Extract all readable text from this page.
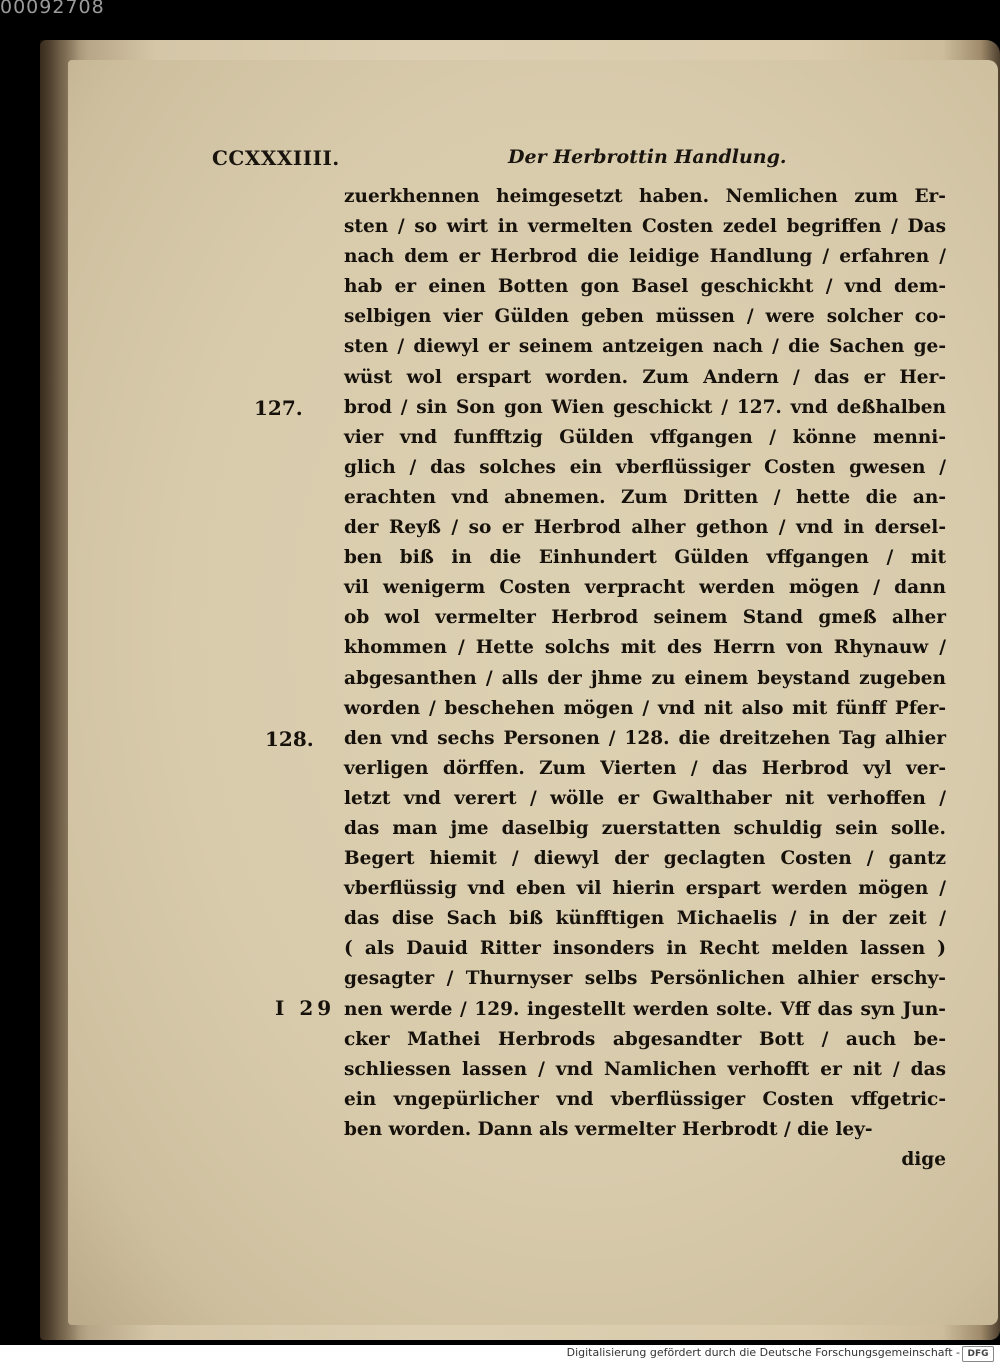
00092708
CCXXXIIII.	Der Herbrottin Handlung.
127.
128.
I 29
zuerkhennen heimgesetzt haben. Nemlichen zum Er-
sten / so wirt in vermelten Costen zedel begriffen / Das
nach dem er Herbrod die leidige Handlung / erfahren /
hab er einen Botten gon Basel geschickht / vnd dem-
selbigen vier Gülden geben müssen / were solcher co-
sten / diewyl er seinem antzeigen nach / die Sachen ge-
wüst wol erspart worden. Zum Andern / das er Her-
brod / sin Son gon Wien geschickt / 127. vnd deßhalben
vier vnd funfftzig Gülden vffgangen / könne menni-
glich / das solches ein vberflüssiger Costen gwesen /
erachten vnd abnemen. Zum Dritten / hette die an-
der Reyß / so er Herbrod alher gethon / vnd in dersel-
ben biß in die Einhundert Gülden vffgangen / mit
vil wenigerm Costen verpracht werden mögen / dann
ob wol vermelter Herbrod seinem Stand gmeß alher
khommen / Hette solchs mit des Herrn von Rhynauw /
abgesanthen / alls der jhme zu einem beystand zugeben
worden / beschehen mögen / vnd nit also mit fünff Pfer-
den vnd sechs Personen / 128. die dreitzehen Tag alhier
verligen dörffen. Zum Vierten / das Herbrod vyl ver-
letzt vnd verert / wölle er Gwalthaber nit verhoffen /
das man jme daselbig zuerstatten schuldig sein solle.
Begert hiemit / diewyl der geclagten Costen / gantz
vberflüssig vnd eben vil hierin erspart werden mögen /
das dise Sach biß künfftigen Michaelis / in der zeit /
( als Dauid Ritter insonders in Recht melden lassen )
gesagter / Thurnyser selbs Persönlichen alhier erschy-
nen werde / 129. ingestellt werden solte. Vff das syn Jun-
cker Mathei Herbrods abgesandter Bott / auch be-
schliessen lassen / vnd Namlichen verhofft er nit / das
ein vngepürlicher vnd vberflüssiger Costen vffgetric-
ben worden. Dann als vermelter Herbrodt / die ley-
dige
Digitalisierung gefördert durch die Deutsche Forschungsgemeinschaft - DFG
